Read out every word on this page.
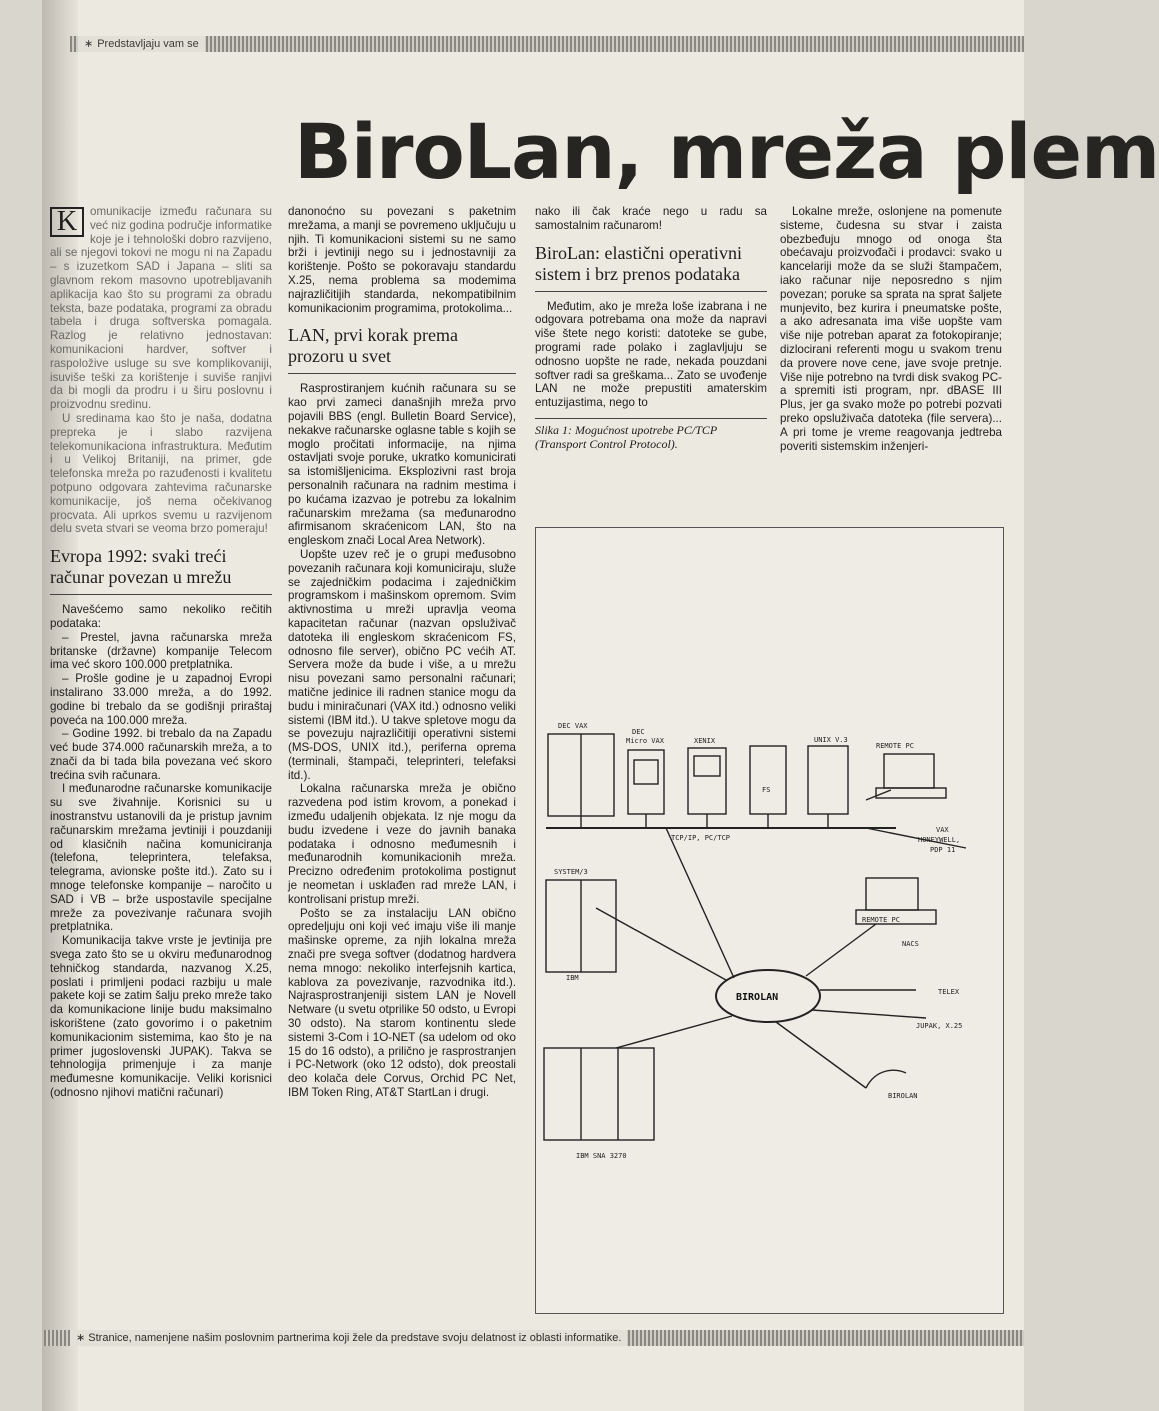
∗ Predstavljaju vam se
BiroLan, mreža plem
K	omunikacije između računara su već niz godina područje informatike koje je i tehnološki dobro razvijeno, ali se njegovi tokovi ne mogu ni na Zapadu – s izuzetkom SAD i Japana – sliti sa glavnom rekom masovno upotrebljavanih aplikacija kao što su programi za obradu teksta, baze podataka, programi za obradu tabela i druga softverska pomagala. Razlog je relativno jednostavan: komunikacioni hardver, softver i raspoložive usluge su sve komplikovaniji, isuviše teški za korištenje i suviše ranjivi da bi mogli da prodru i u širu poslovnu i proizvodnu sredinu.

U sredinama kao što je naša, dodatna prepreka je i slabo razvijena telekomunikaciona infrastruktura. Međutim i u Velikoj Britaniji, na primer, gde telefonska mreža po razuđenosti i kvalitetu potpuno odgovara zahtevima računarske komunikacije, još nema očekivanog procvata. Ali uprkos svemu u razvijenom delu sveta stvari se veoma brzo pomeraju!

Evropa 1992: svaki treći računar povezan u mrežu

Navešćemo samo nekoliko rečitih podataka:

– Prestel, javna računarska mreža britanske (državne) kompanije Telecom ima već skoro 100.000 pretplatnika.

– Prošle godine je u zapadnoj Evropi instalirano 33.000 mreža, a do 1992. godine bi trebalo da se godišnji priraštaj poveća na 100.000 mreža.

– Godine 1992. bi trebalo da na Zapadu već bude 374.000 računarskih mreža, a to znači da bi tada bila povezana već skoro trećina svih računara.

I međunarodne računarske komunikacije su sve živahnije. Korisnici su u inostranstvu ustanovili da je pristup javnim računarskim mrežama jevtiniji i pouzdaniji od klasičnih načina komuniciranja (telefona, teleprintera, telefaksa, telegrama, avionske pošte itd.). Zato su i mnoge telefonske kompanije – naročito u SAD i VB – brže uspostavile specijalne mreže za povezivanje računara svojih pretplatnika.

Komunikacija takve vrste je jevtinija pre svega zato što se u okviru međunarodnog tehničkog standarda, nazvanog X.25, poslati i primljeni podaci razbiju u male pakete koji se zatim šalju preko mreže tako da komunikacione linije budu maksimalno iskorištene (zato govorimo i o paketnim komunikacionim sistemima, kao što je na primer jugoslovenski JUPAK). Takva se tehnologija primenjuje i za manje međumesne komunikacije. Veliki korisnici (odnosno njihovi matični računari)

danonoćno su povezani s paketnim mrežama, a manji se povremeno uključuju u njih. Ti komunikacioni sistemi su ne samo brži i jevtiniji nego su i jednostavniji za korištenje. Pošto se pokoravaju standardu X.25, nema problema sa modemima najrazličitijih standarda, nekompatibilnim komunikacionim programima, protokolima...

LAN, prvi korak prema prozoru u svet

Rasprostiranjem kućnih računara su se kao prvi zameci današnjih mreža prvo pojavili BBS (engl. Bulletin Board Service), nekakve računarske oglasne table s kojih se moglo pročitati informacije, na njima ostavljati svoje poruke, ukratko komunicirati sa istomišljenicima. Eksplozivni rast broja personalnih računara na radnim mestima i po kućama izazvao je potrebu za lokalnim računarskim mrežama (sa međunarodno afirmisanom skraćenicom LAN, što na engleskom znači Local Area Network).

Uopšte uzev reč je o grupi međusobno povezanih računara koji komuniciraju, služe se zajedničkim podacima i zajedničkim programskom i mašinskom opremom. Svim aktivnostima u mreži upravlja veoma kapacitetan računar (nazvan opsluživač datoteka ili engleskom skraćenicom FS, odnosno file server), obično PC većih AT. Servera može da bude i više, a u mrežu nisu povezani samo personalni računari; matične jedinice ili radnen stanice mogu da budu i miniračunari (VAX itd.) odnosno veliki sistemi (IBM itd.). U takve spletove mogu da se povezuju najrazličitiji operativni sistemi (MS-DOS, UNIX itd.), periferna oprema (terminali, štampači, teleprinteri, telefaksi itd.).

Lokalna računarska mreža je obično razvedena pod istim krovom, a ponekad i između udaljenih objekata. Iz nje mogu da budu izvedene i veze do javnih banaka podataka i odnosno međumesnih i međunarodnih komunikacionih mreža. Precizno određenim protokolima postignut je neometan i usklađen rad mreže LAN, i kontrolisani pristup mreži.

Pošto se za instalaciju LAN obično opredeljuju oni koji već imaju više ili manje mašinske opreme, za njih lokalna mreža znači pre svega softver (dodatnog hardvera nema mnogo: nekoliko interfejsnih kartica, kablova za povezivanje, razvodnika itd.). Najrasprostranjeniji sistem LAN je Novell Netware (u svetu otprilike 50 odsto, u Evropi 30 odsto). Na starom kontinentu slede sistemi 3-Com i 1O-NET (sa udelom od oko 15 do 16 odsto), a prilično je rasprostranjen i PC-Network (oko 12 odsto), dok preostali deo kolača dele Corvus, Orchid PC Net, IBM Token Ring, AT&T StartLan i drugi.

nako ili čak kraće nego u radu sa samostalnim računarom!

BiroLan: elastični operativni sistem i brz prenos podataka

Međutim, ako je mreža loše izabrana i ne odgovara potrebama ona može da napravi više štete nego koristi: datoteke se gube, programi rade polako i zaglavljuju se odnosno uopšte ne rade, nekada pouzdani softver radi sa greškama... Zato se uvođenje LAN ne može prepustiti amaterskim entuzijastima, nego to

Slika 1: Mogućnost upotrebe PC/TCP (Transport Control Protocol).

Lokalne mreže, oslonjene na pomenute sisteme, čudesna su stvar i zaista obezbeđuju mnogo od onoga šta obećavaju proizvođači i prodavci: svako u kancelariji može da se služi štampačem, iako računar nije neposredno s njim povezan; poruke sa sprata na sprat šaljete munjevito, bez kurira i pneumatske pošte, a ako adresanata ima više uopšte vam više nije potreban aparat za fotokopiranje; dizlocirani referenti mogu u svakom trenu da provere nove cene, jave svoje pretnje. Više nije potrebno na tvrdi disk svakog PC-a spremiti isti program, npr. dBASE III Plus, jer ga svako može po potrebi pozvati preko opsluživača datoteka (file servera)... A pri tome je vreme reagovanja jedtreba poveriti sistemskim inženjeri-

DEC VAX
DEC
Micro VAX	XENIX
FS
UNIX V.3
REMOTE PC
TCP/IP, PC/TCP
VAX
HONEYWELL,
PDP 11
SYSTEM/3
REMOTE PC
NACS
IBM
BIROLAN	TELEX
JUPAK, X.25
BIROLAN
IBM SNA 3270
∗ Stranice, namenjene našim poslovnim partnerima koji žele da predstave svoju delatnost iz oblasti informatike.
